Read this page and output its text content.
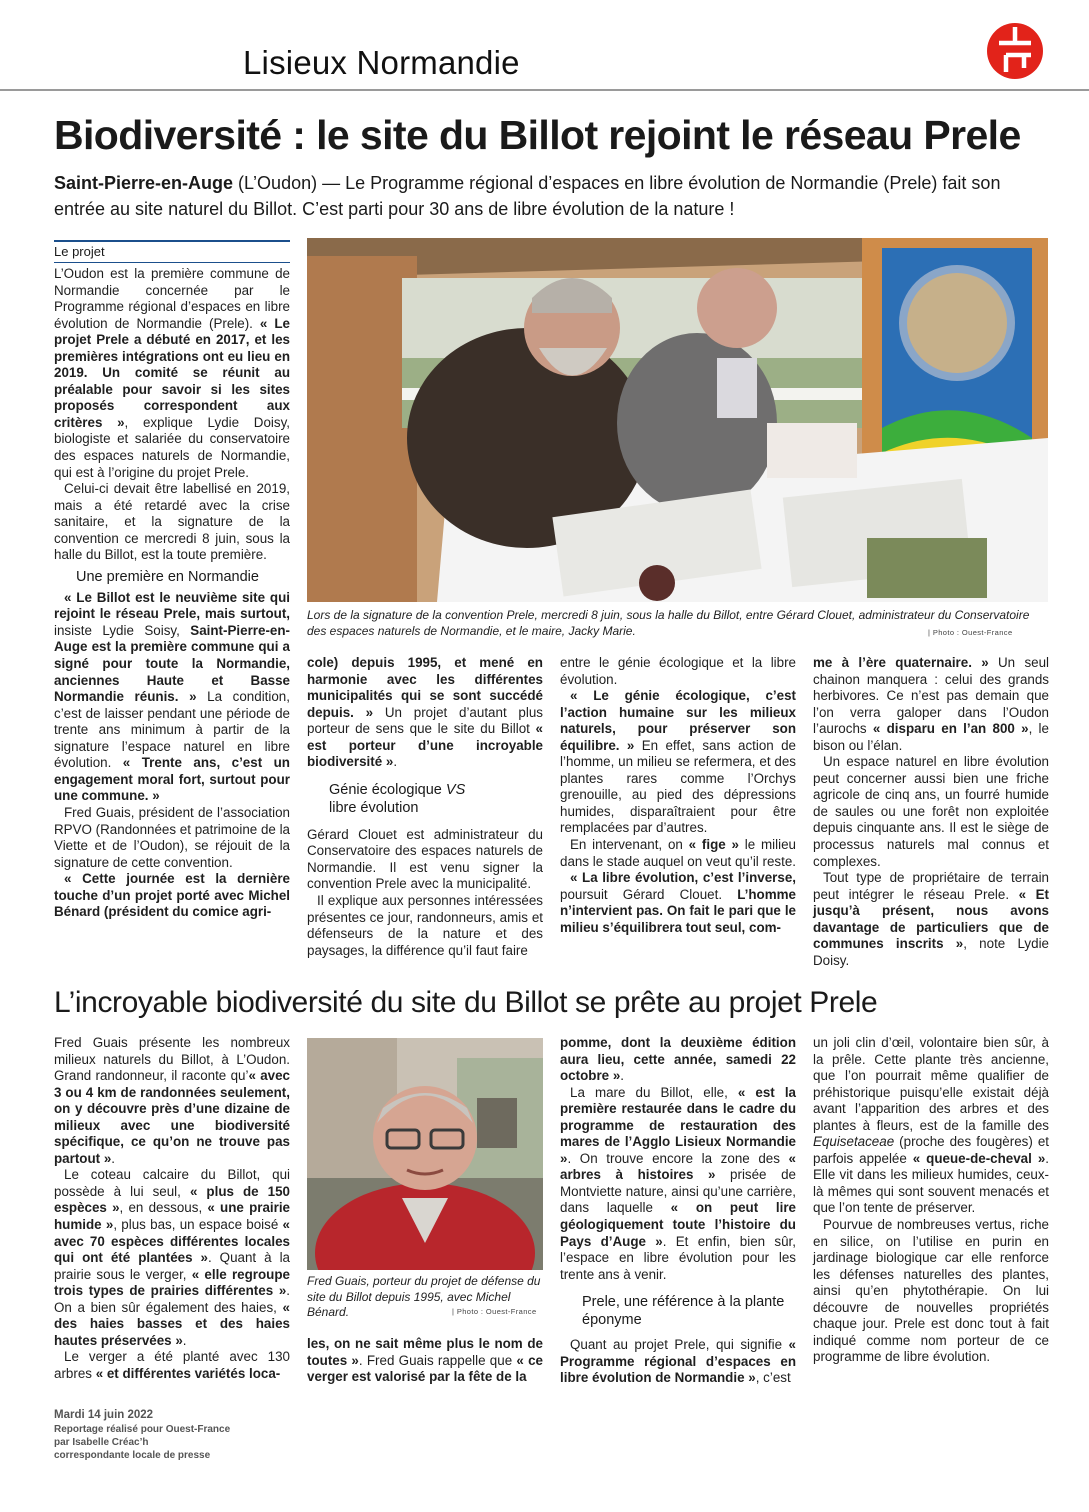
Lisieux Normandie
Biodiversité : le site du Billot rejoint le réseau Prele
Saint-Pierre-en-Auge (L’Oudon) — Le Programme régional d’espaces en libre évolution de Normandie (Prele) fait son entrée au site naturel du Billot. C’est parti pour 30 ans de libre évolution de la nature !
Le projet

L’Oudon est la première commune de Normandie concernée par le Programme régional d’espaces en libre évolution de Normandie (Prele). « Le projet Prele a débuté en 2017, et les premières intégrations ont eu lieu en 2019. Un comité se réunit au préalable pour savoir si les sites proposés correspondent aux critères », explique Lydie Doisy, biologiste et salariée du conservatoire des espaces naturels de Normandie, qui est à l’origine du projet Prele.

Celui-ci devait être labellisé en 2019, mais a été retardé avec la crise sanitaire, et la signature de la convention ce mercredi 8 juin, sous la halle du Billot, est la toute première.

Une première en Normandie

« Le Billot est le neuvième site qui rejoint le réseau Prele, mais surtout, insiste Lydie Soisy, Saint-Pierre-en-Auge est la première commune qui a signé pour toute la Normandie, anciennes Haute et Basse Normandie réunis. » La condition, c’est de laisser pendant une période de trente ans minimum à partir de la signature l’espace naturel en libre évolution. « Trente ans, c’est un engagement moral fort, surtout pour une commune. »

Fred Guais, président de l’association RPVO (Randonnées et patrimoine de la Viette et de l’Oudon), se réjouit de la signature de cette convention.

« Cette journée est la dernière touche d’un projet porté avec Michel Bénard (président du comice agri-

Lors de la signature de la convention Prele, mercredi 8 juin, sous la halle du Billot, entre Gérard Clouet, administrateur du Conservatoire des espaces naturels de Normandie, et le maire, Jacky Marie.	| Photo : Ouest-France

cole) depuis 1995, et mené en harmonie avec les différentes municipalités qui se sont succédé depuis. » Un projet d’autant plus porteur de sens que le site du Billot « est porteur d’une incroyable biodiversité ».

Génie écologique VS
libre évolution

Gérard Clouet est administrateur du Conservatoire des espaces naturels de Normandie. Il est venu signer la convention Prele avec la municipalité.

Il explique aux personnes intéressées présentes ce jour, randonneurs, amis et défenseurs de la nature et des paysages, la différence qu’il faut faire

entre le génie écologique et la libre évolution.

« Le génie écologique, c’est l’action humaine sur les milieux naturels, pour préserver son équilibre. » En effet, sans action de l’homme, un milieu se refermera, et des plantes rares comme l’Orchys grenouille, au pied des dépressions humides, disparaîtraient pour être remplacées par d’autres.

En intervenant, on « fige » le milieu dans le stade auquel on veut qu’il reste.

« La libre évolution, c’est l’inverse, poursuit Gérard Clouet. L’homme n’intervient pas. On fait le pari que le milieu s’équilibrera tout seul, com-

me à l’ère quaternaire. » Un seul chainon manquera : celui des grands herbivores. Ce n’est pas demain que l’on verra galoper dans l’Oudon l’aurochs « disparu en l’an 800 », le bison ou l’élan.

Un espace naturel en libre évolution peut concerner aussi bien une friche agricole de cinq ans, un fourré humide de saules ou une forêt non exploitée depuis cinquante ans. Il est le siège de processus naturels mal connus et complexes.

Tout type de propriétaire de terrain peut intégrer le réseau Prele. « Et jusqu’à présent, nous avons davantage de particuliers que de communes inscrits », note Lydie Doisy.

L’incroyable biodiversité du site du Billot se prête au projet Prele

Fred Guais présente les nombreux milieux naturels du Billot, à L’Oudon. Grand randonneur, il raconte qu’« avec 3 ou 4 km de randonnées seulement, on y découvre près d’une dizaine de milieux avec une biodiversité spécifique, ce qu’on ne trouve pas partout ».

Le coteau calcaire du Billot, qui possède à lui seul, « plus de 150 espèces », en dessous, « une prairie humide », plus bas, un espace boisé « avec 70 espèces différentes locales qui ont été plantées ». Quant à la prairie sous le verger, « elle regroupe trois types de prairies différentes ». On a bien sûr également des haies, « des haies basses et des haies hautes préservées ».

Le verger a été planté avec 130 arbres « et différentes variétés loca-

Fred Guais, porteur du projet de défense du site du Billot depuis 1995, avec Michel Bénard.	| Photo : Ouest-France

les, on ne sait même plus le nom de toutes ». Fred Guais rappelle que « ce verger est valorisé par la fête de la

pomme, dont la deuxième édition aura lieu, cette année, samedi 22 octobre ».

La mare du Billot, elle, « est la première restaurée dans le cadre du programme de restauration des mares de l’Agglo Lisieux Normandie ». On trouve encore la zone des « arbres à histoires » prisée de Montviette nature, ainsi qu’une carrière, dans laquelle « on peut lire géologiquement toute l’histoire du Pays d’Auge ». Et enfin, bien sûr, l’espace en libre évolution pour les trente ans à venir.

Prele, une référence à la plante éponyme

Quant au projet Prele, qui signifie « Programme régional d’espaces en libre évolution de Normandie », c’est

un joli clin d’œil, volontaire bien sûr, à la prêle. Cette plante très ancienne, que l’on pourrait même qualifier de préhistorique puisqu’elle existait déjà avant l’apparition des arbres et des plantes à fleurs, est de la famille des Equisetaceae (proche des fougères) et parfois appelée « queue-de-cheval ». Elle vit dans les milieux humides, ceux-là mêmes qui sont souvent menacés et que l’on tente de préserver.

Pourvue de nombreuses vertus, riche en silice, on l’utilise en purin en jardinage biologique car elle renforce les défenses naturelles des plantes, ainsi qu’en phytothérapie. On lui découvre de nouvelles propriétés chaque jour. Prele est donc tout à fait indiqué comme nom porteur de ce programme de libre évolution.

Mardi 14 juin 2022
Reportage réalisé pour Ouest-France
par Isabelle Créac’h
correspondante locale de presse
